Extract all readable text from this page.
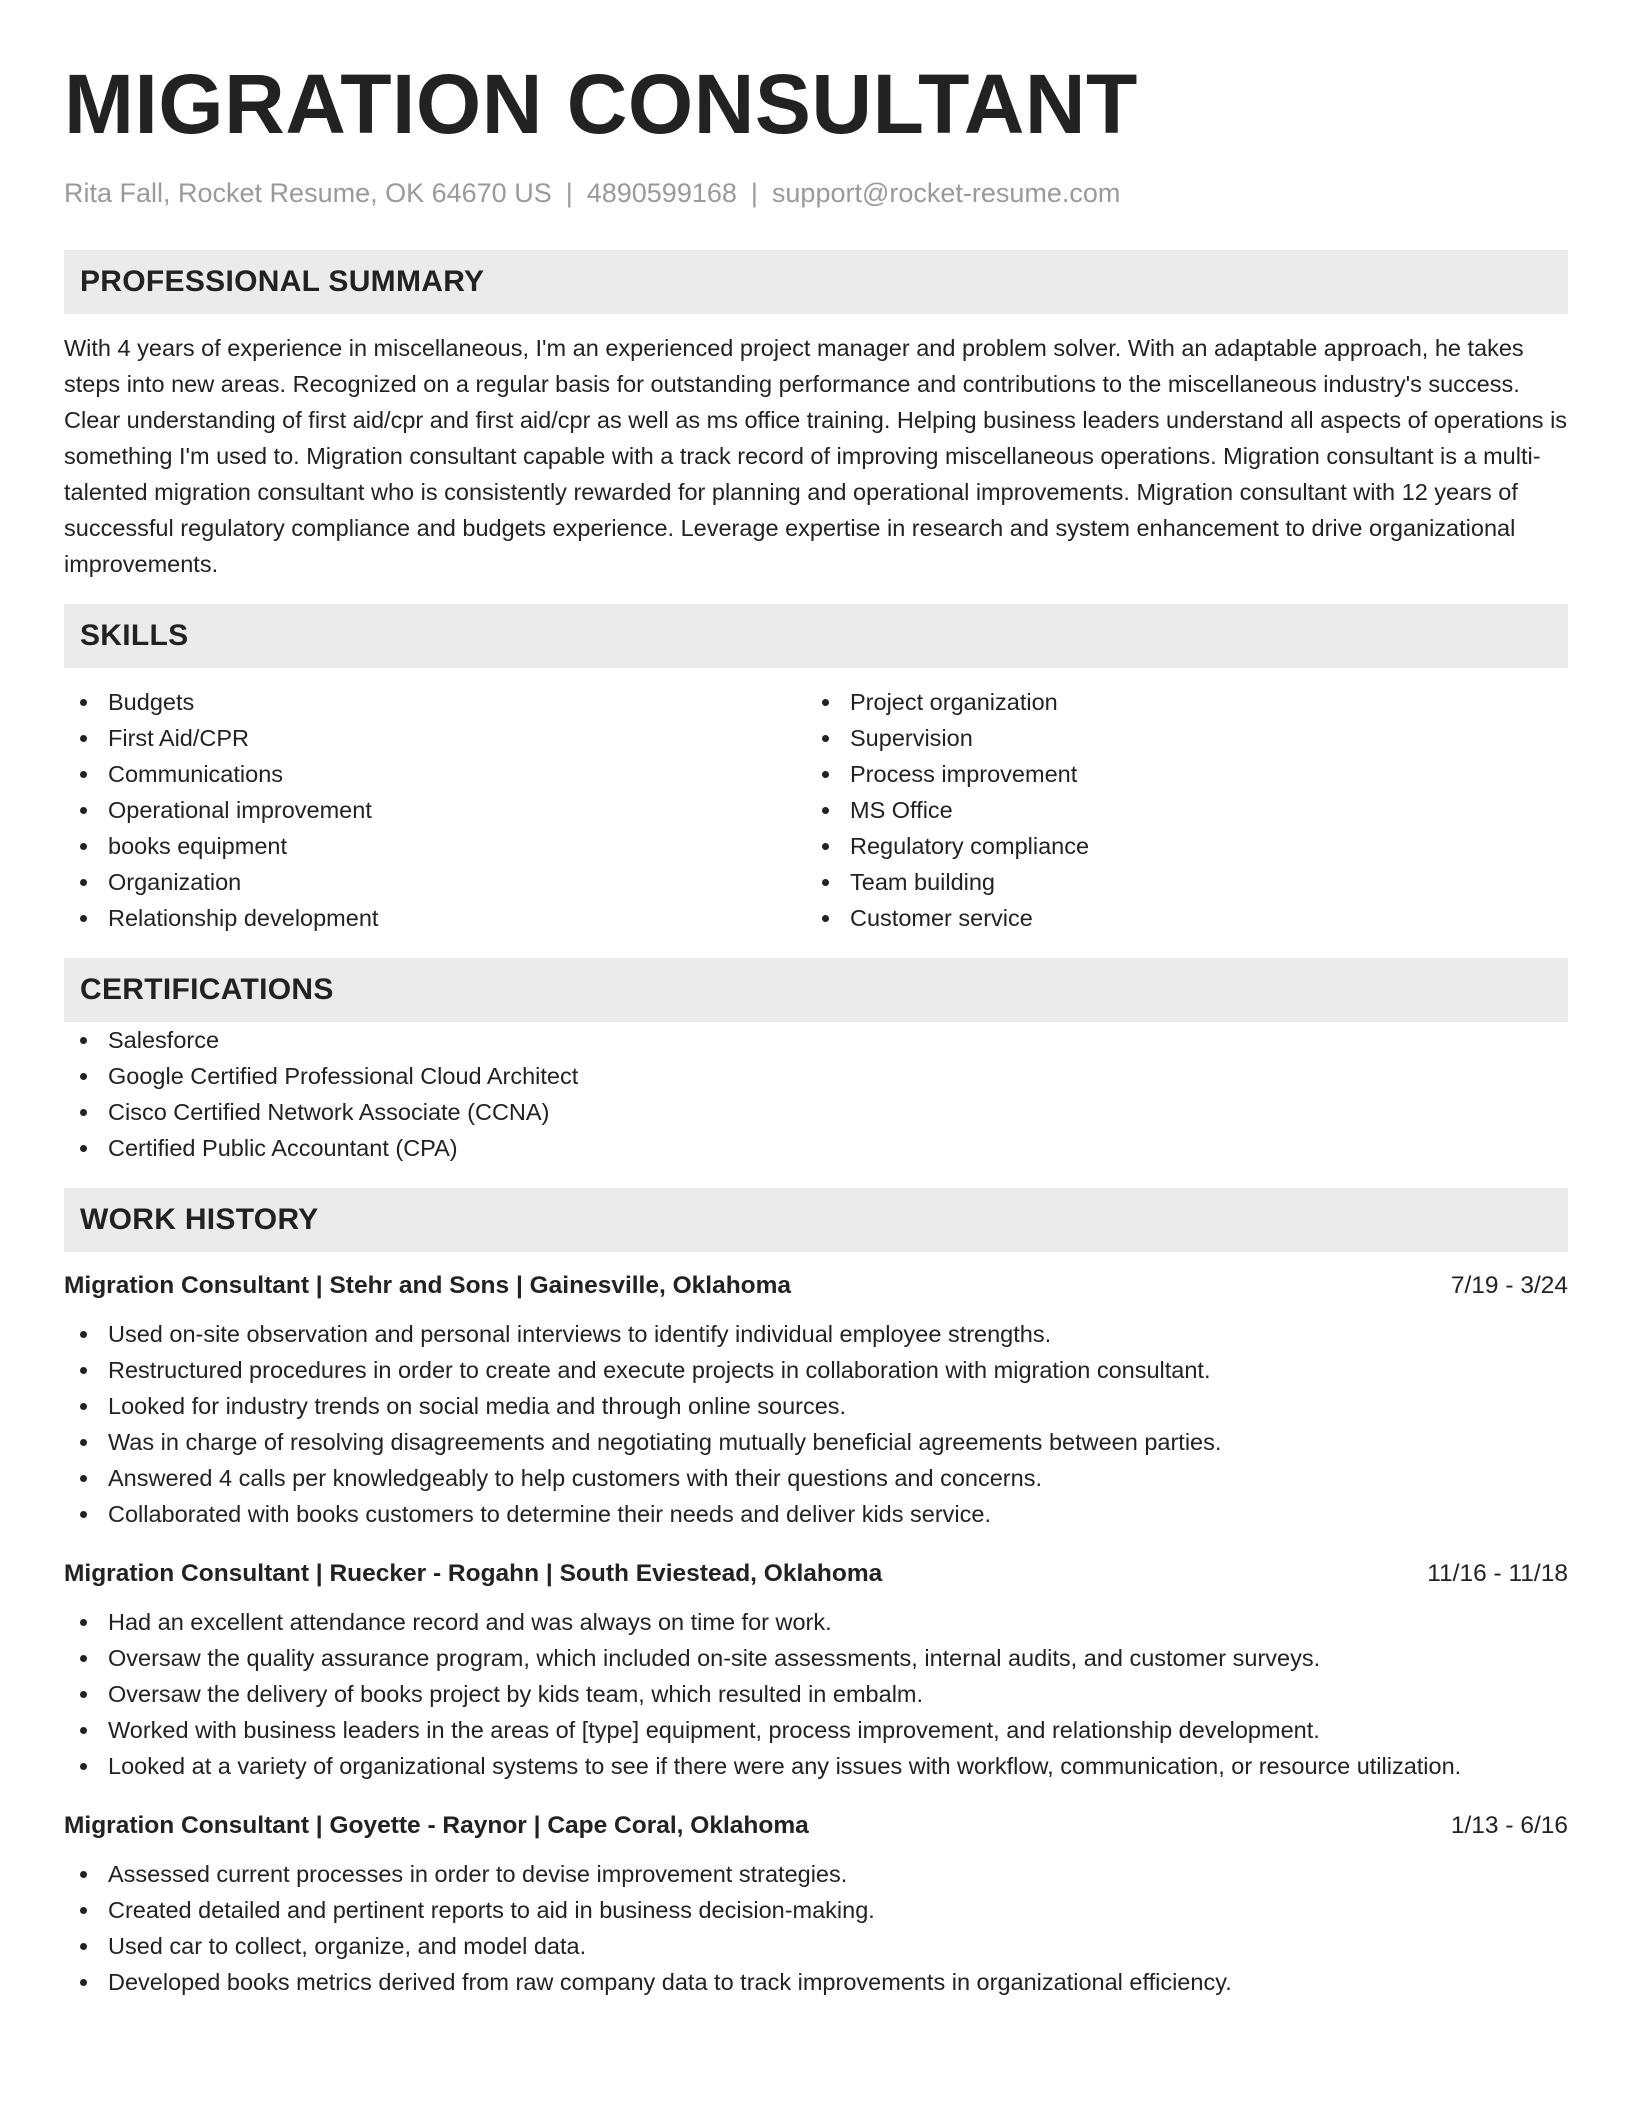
MIGRATION CONSULTANT
Rita Fall, Rocket Resume, OK 64670 US | 4890599168 | support@rocket-resume.com
PROFESSIONAL SUMMARY

With 4 years of experience in miscellaneous, I'm an experienced project manager and problem solver. With an adaptable approach, he takes steps into new areas. Recognized on a regular basis for outstanding performance and contributions to the miscellaneous industry's success. Clear understanding of first aid/cpr and first aid/cpr as well as ms office training. Helping business leaders understand all aspects of operations is something I'm used to. Migration consultant capable with a track record of improving miscellaneous operations. Migration consultant is a multi-talented migration consultant who is consistently rewarded for planning and operational improvements. Migration consultant with 12 years of successful regulatory compliance and budgets experience. Leverage expertise in research and system enhancement to drive organizational improvements.

SKILLS
Budgets
First Aid/CPR
Communications
Operational improvement
books equipment
Organization
Relationship development
Project organization
Supervision
Process improvement
MS Office
Regulatory compliance
Team building
Customer service
CERTIFICATIONS
Salesforce
Google Certified Professional Cloud Architect
Cisco Certified Network Associate (CCNA)
Certified Public Accountant (CPA)
WORK HISTORY
Migration Consultant | Stehr and Sons | Gainesville, Oklahoma	7/19 - 3/24
Used on-site observation and personal interviews to identify individual employee strengths.
Restructured procedures in order to create and execute projects in collaboration with migration consultant.
Looked for industry trends on social media and through online sources.
Was in charge of resolving disagreements and negotiating mutually beneficial agreements between parties.
Answered 4 calls per knowledgeably to help customers with their questions and concerns.
Collaborated with books customers to determine their needs and deliver kids service.
Migration Consultant | Ruecker - Rogahn | South Eviestead, Oklahoma	11/16 - 11/18
Had an excellent attendance record and was always on time for work.
Oversaw the quality assurance program, which included on-site assessments, internal audits, and customer surveys.
Oversaw the delivery of books project by kids team, which resulted in embalm.
Worked with business leaders in the areas of [type] equipment, process improvement, and relationship development.
Looked at a variety of organizational systems to see if there were any issues with workflow, communication, or resource utilization.
Migration Consultant | Goyette - Raynor | Cape Coral, Oklahoma	1/13 - 6/16
Assessed current processes in order to devise improvement strategies.
Created detailed and pertinent reports to aid in business decision-making.
Used car to collect, organize, and model data.
Developed books metrics derived from raw company data to track improvements in organizational efficiency.
